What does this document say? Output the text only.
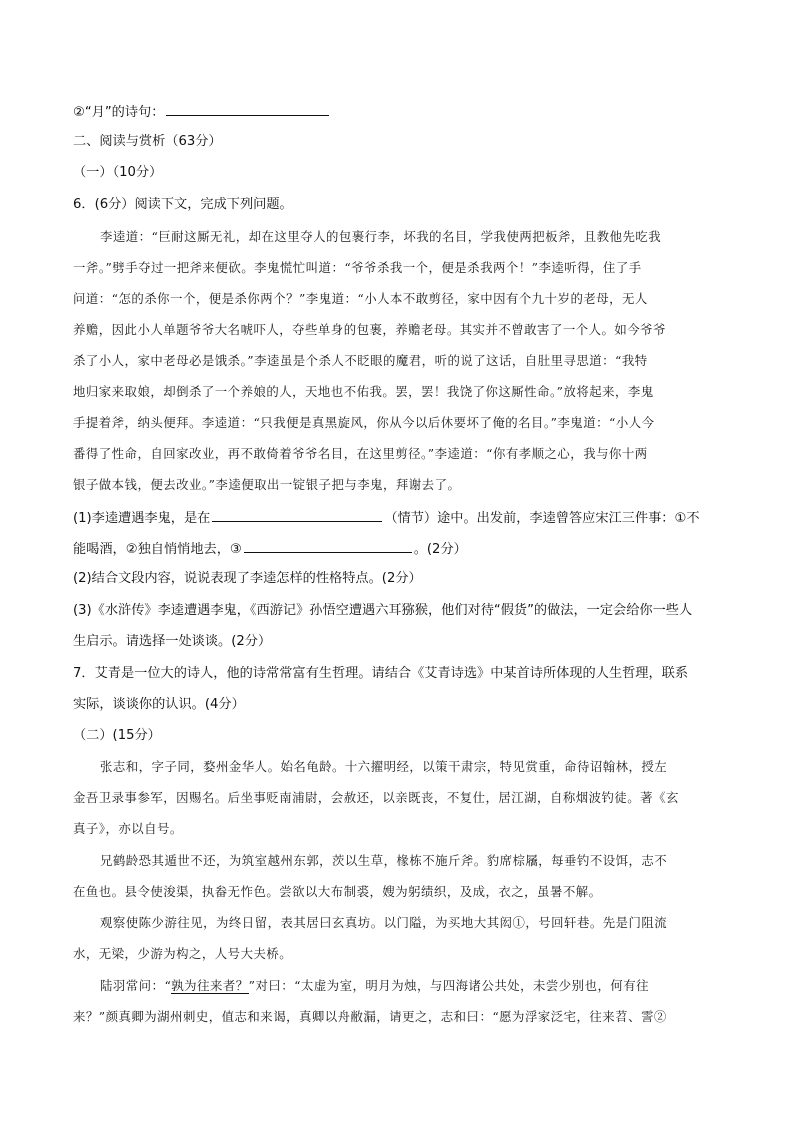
②“月”的诗句：
二、阅读与赏析（63分）
（一）（10分）
6．(6分）阅读下文，完成下列问题。
李逵道：“巨耐这厮无礼，却在这里夺人的包裹行李，坏我的名目，学我使两把板斧，且教他先吃我
一斧。”劈手夺过一把斧来便砍。李鬼慌忙叫道：“爷爷杀我一个，便是杀我两个！”李逵听得，住了手
问道：“怎的杀你一个，便是杀你两个？”李鬼道：“小人本不敢剪径，家中因有个九十岁的老母，无人
养赡，因此小人单题爷爷大名唬吓人，夺些单身的包裹，养赡老母。其实并不曾敢害了一个人。如今爷爷
杀了小人，家中老母必是饿杀。”李逵虽是个杀人不眨眼的魔君，听的说了这话，自肚里寻思道：“我特
地归家来取娘，却倒杀了一个养娘的人，天地也不佑我。罢，罢！我饶了你这厮性命。”放将起来，李鬼
手提着斧，纳头便拜。李逵道：“只我便是真黑旋风，你从今以后休要坏了俺的名目。”李鬼道：“小人今
番得了性命，自回家改业，再不敢倚着爷爷名目，在这里剪径。”李逵道：“你有孝顺之心，我与你十两
银子做本钱，便去改业。”李逵便取出一锭银子把与李鬼，拜谢去了。
(1)李逵遭遇李鬼，是在	（情节）途中。出发前，李逵曾答应宋江三件事：①不
能喝酒，②独自悄悄地去，③	。(2分）
(2)结合文段内容，说说表现了李逵怎样的性格特点。(2分）
(3)《水浒传》李逵遭遇李鬼，《西游记》孙悟空遭遇六耳猕猴，他们对待“假货”的做法，一定会给你一些人
生启示。请选择一处谈谈。(2分）
7．艾青是一位大的诗人，他的诗常常富有生哲理。请结合《艾青诗选》中某首诗所体现的人生哲理，联系
实际，谈谈你的认识。(4分）
（二）(15分）
张志和，字子同，婺州金华人。始名龟龄。十六擢明经，以策干肃宗，特见赏重，命待诏翰林，授左
金吾卫录事参军，因赐名。后坐事贬南浦尉，会赦还，以亲既丧，不复仕，居江湖，自称烟波钓徒。著《玄
真子》，亦以自号。
兄鹤龄恐其遁世不还，为筑室越州东郭，茨以生草，椽栋不施斤斧。豹席棕屩，每垂钓不设饵，志不
在鱼也。县令使浚渠，执畚无怍色。尝欲以大布制裘，嫂为躬绩织，及成，衣之，虽暑不解。
观察使陈少游往见，为终日留，表其居曰玄真坊。以门隘，为买地大其闳①，号回轩巷。先是门阻流
水，无梁，少游为构之，人号大夫桥。
陆羽常问：“孰为往来者？”对曰：“太虚为室，明月为烛，与四海诸公共处，未尝少别也，何有往
来？”颜真卿为湖州刺史，值志和来谒，真卿以舟敝漏，请更之，志和曰：“愿为浮家泛宅，往来苕、霅②
